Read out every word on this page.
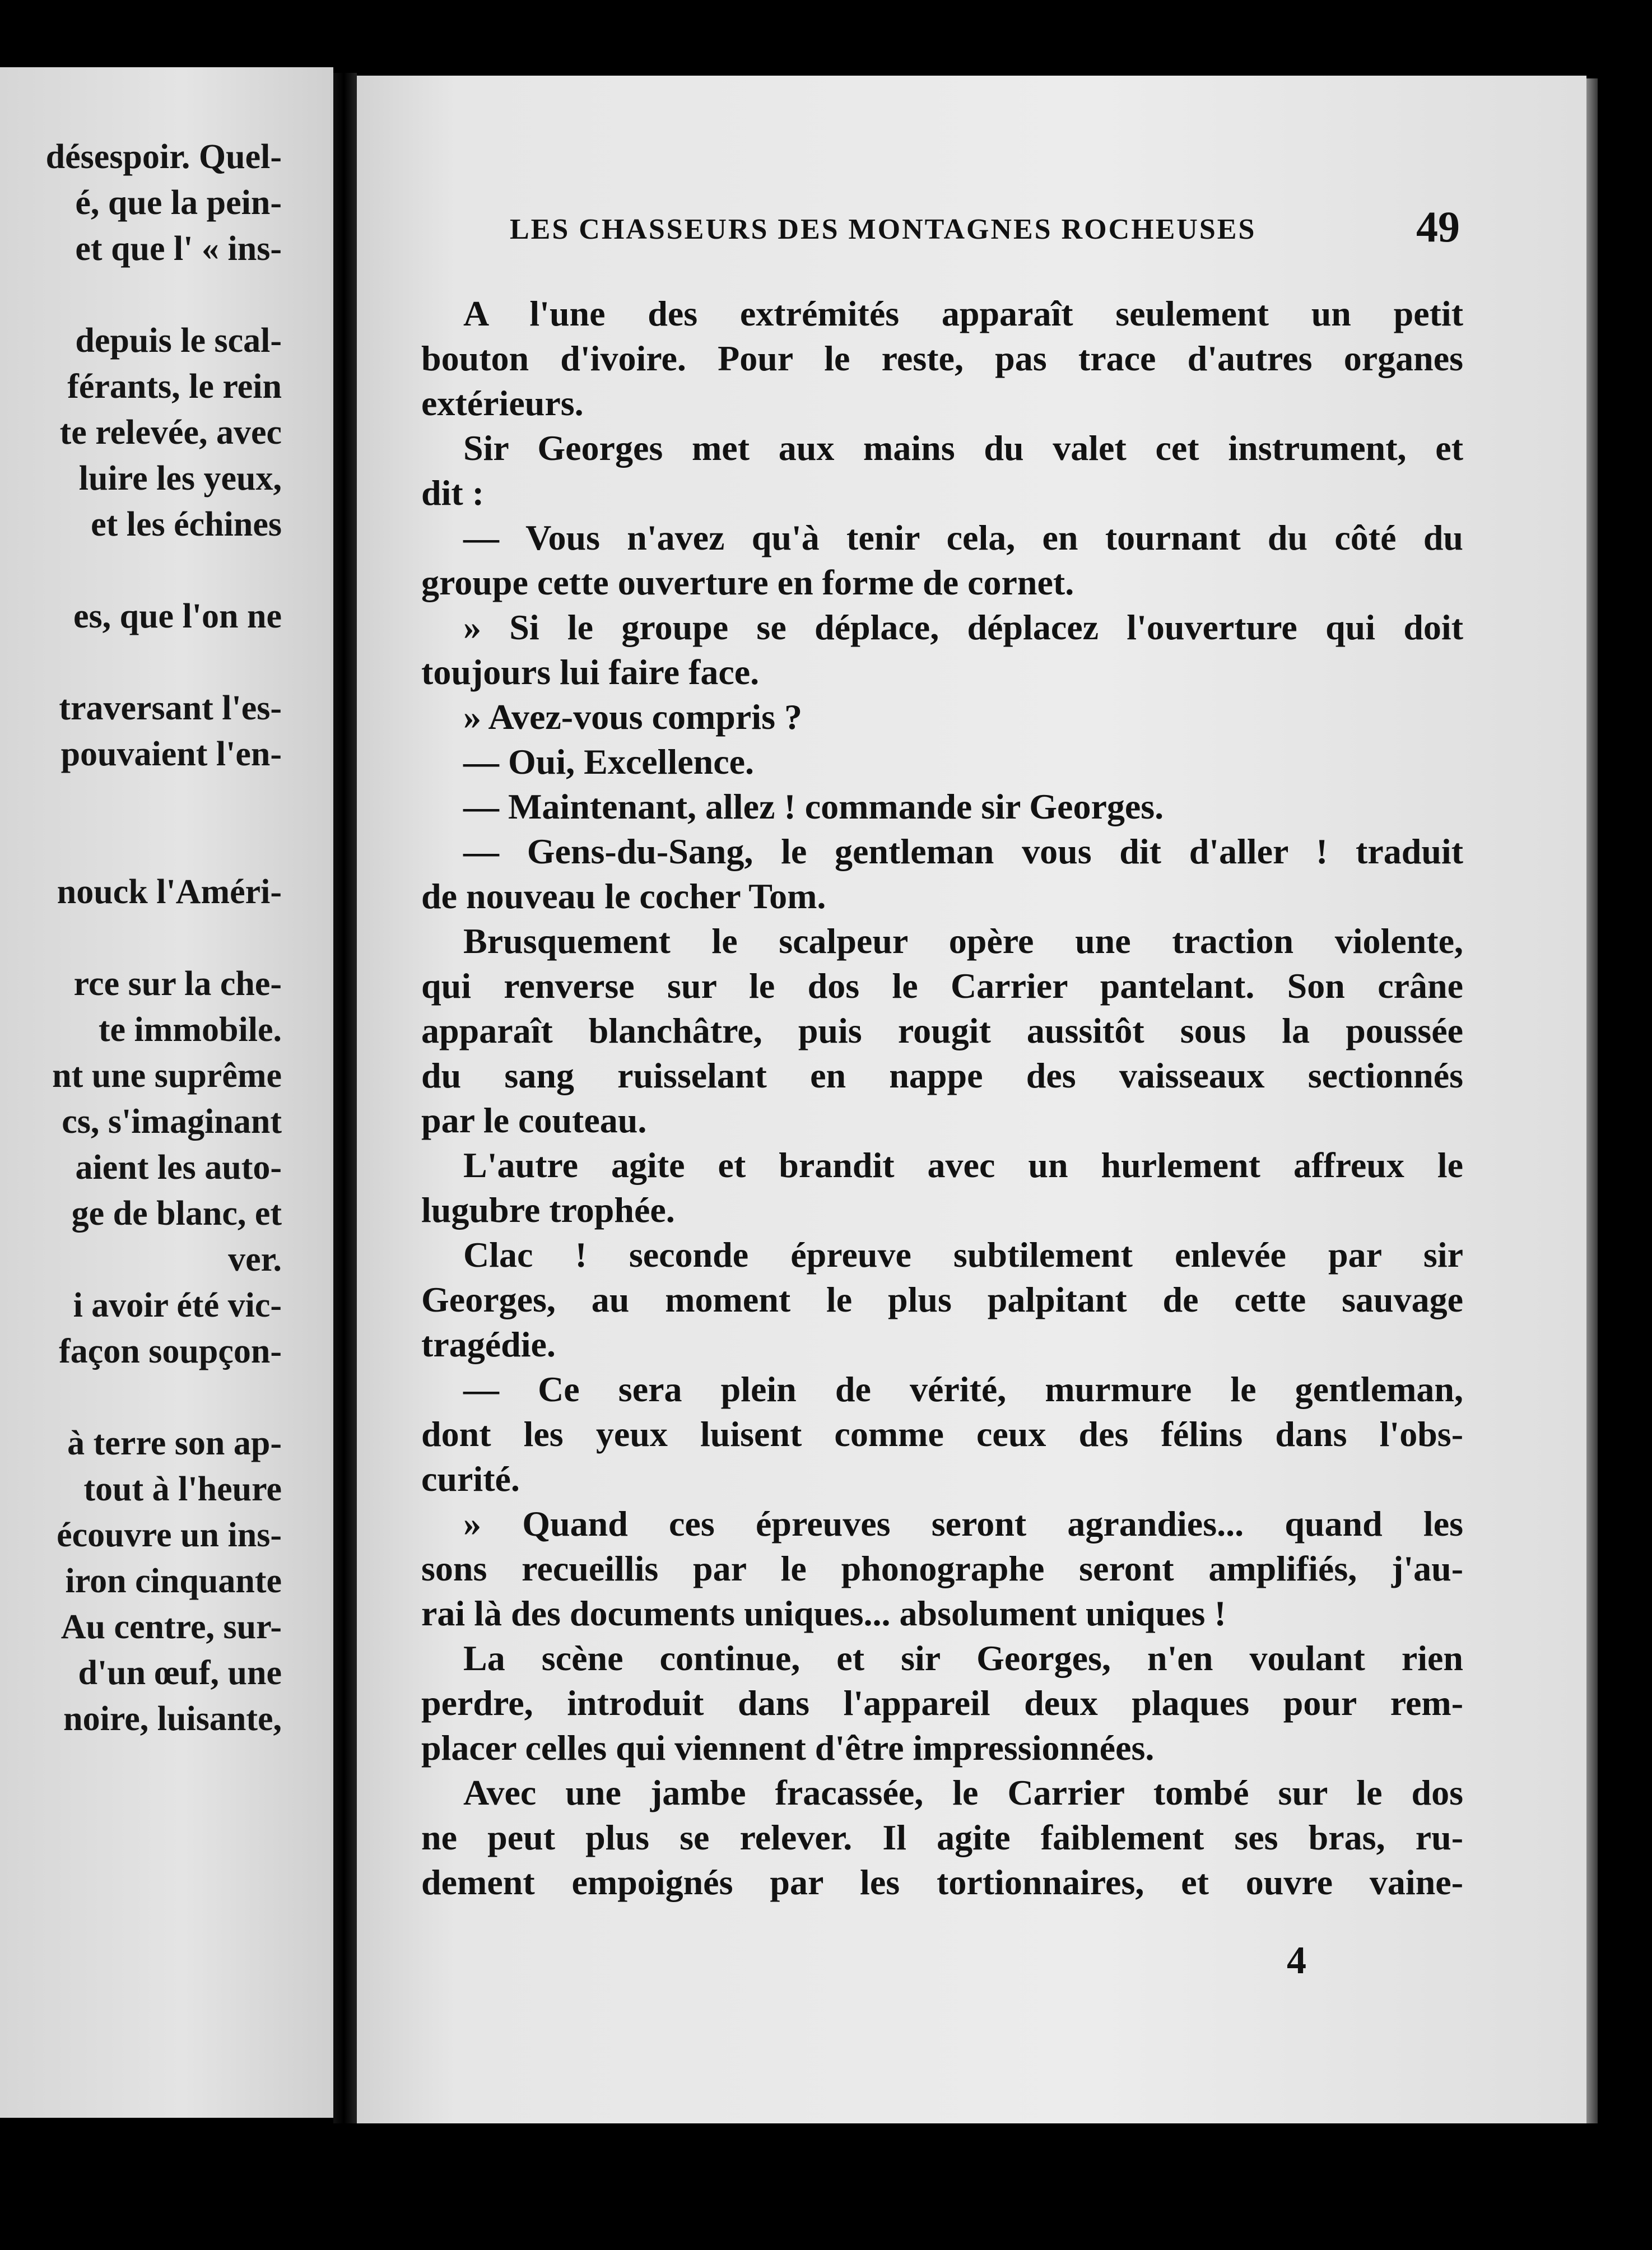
désespoir. Quel-
é, que la pein-
et que l' « ins-
depuis le scal-
férants, le rein
te relevée, avec
luire les yeux,
et les échines
es, que l'on ne
traversant l'es-
pouvaient l'en-
nouck l'Améri-
rce sur la che-
te immobile.
nt une suprême
cs, s'imaginant
aient les auto-
ge de blanc, et
ver.
i avoir été vic-
façon soupçon-
à terre son ap-
tout à l'heure
écouvre un ins-
iron cinquante
Au centre, sur-
d'un œuf, une
noire, luisante,
LES CHASSEURS DES MONTAGNES ROCHEUSES	49
A l'une des extrémités apparaît seulement un petit
bouton d'ivoire. Pour le reste, pas trace d'autres organes
extérieurs.
Sir Georges met aux mains du valet cet instrument, et
dit :
— Vous n'avez qu'à tenir cela, en tournant du côté du
groupe cette ouverture en forme de cornet.
» Si le groupe se déplace, déplacez l'ouverture qui doit
toujours lui faire face.
» Avez-vous compris ?
— Oui, Excellence.
— Maintenant, allez ! commande sir Georges.
— Gens-du-Sang, le gentleman vous dit d'aller ! traduit
de nouveau le cocher Tom.
Brusquement le scalpeur opère une traction violente,
qui renverse sur le dos le Carrier pantelant. Son crâne
apparaît blanchâtre, puis rougit aussitôt sous la poussée
du sang ruisselant en nappe des vaisseaux sectionnés
par le couteau.
L'autre agite et brandit avec un hurlement affreux le
lugubre trophée.
Clac ! seconde épreuve subtilement enlevée par sir
Georges, au moment le plus palpitant de cette sauvage
tragédie.
— Ce sera plein de vérité, murmure le gentleman,
dont les yeux luisent comme ceux des félins dans l'obs-
curité.
» Quand ces épreuves seront agrandies... quand les
sons recueillis par le phonographe seront amplifiés, j'au-
rai là des documents uniques... absolument uniques !
La scène continue, et sir Georges, n'en voulant rien
perdre, introduit dans l'appareil deux plaques pour rem-
placer celles qui viennent d'être impressionnées.
Avec une jambe fracassée, le Carrier tombé sur le dos
ne peut plus se relever. Il agite faiblement ses bras, ru-
dement empoignés par les tortionnaires, et ouvre vaine-
4
